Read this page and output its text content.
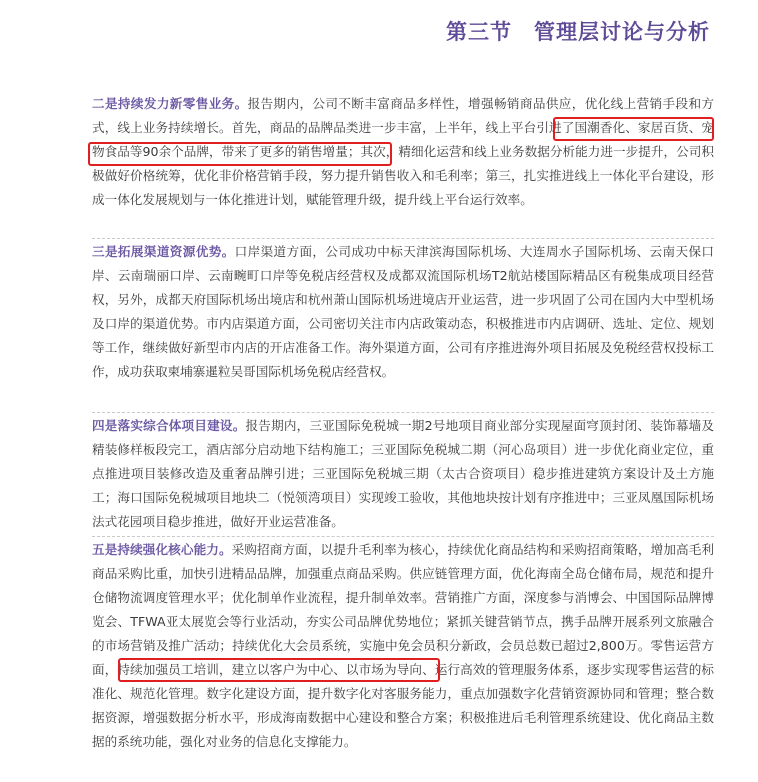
第三节　管理层讨论与分析
二是持续发力新零售业务。报告期内，公司不断丰富商品多样性，增强畅销商品供应，优化线上营销手段和方式，线上业务持续增长。首先，商品的品牌品类进一步丰富，上半年，线上平台引进了国潮香化、家居百货、宠物食品等90余个品牌，带来了更多的销售增量；其次，精细化运营和线上业务数据分析能力进一步提升，公司积极做好价格统筹，优化非价格营销手段，努力提升销售收入和毛利率；第三，扎实推进线上一体化平台建设，形成一体化发展规划与一体化推进计划，赋能管理升级，提升线上平台运行效率。
三是拓展渠道资源优势。口岸渠道方面，公司成功中标天津滨海国际机场、大连周水子国际机场、云南天保口岸、云南瑞丽口岸、云南畹町口岸等免税店经营权及成都双流国际机场T2航站楼国际精品区有税集成项目经营权，另外，成都天府国际机场出境店和杭州萧山国际机场进境店开业运营，进一步巩固了公司在国内大中型机场及口岸的渠道优势。市内店渠道方面，公司密切关注市内店政策动态，积极推进市内店调研、选址、定位、规划等工作，继续做好新型市内店的开店准备工作。海外渠道方面，公司有序推进海外项目拓展及免税经营权投标工作，成功获取柬埔寨暹粒吴哥国际机场免税店经营权。
四是落实综合体项目建设。报告期内，三亚国际免税城一期2号地项目商业部分实现屋面穹顶封闭、装饰幕墙及精装修样板段完工，酒店部分启动地下结构施工；三亚国际免税城二期（河心岛项目）进一步优化商业定位，重点推进项目装修改造及重奢品牌引进；三亚国际免税城三期（太古合资项目）稳步推进建筑方案设计及土方施工；海口国际免税城项目地块二（悦领湾项目）实现竣工验收，其他地块按计划有序推进中；三亚凤凰国际机场法式花园项目稳步推进，做好开业运营准备。
五是持续强化核心能力。采购招商方面，以提升毛利率为核心，持续优化商品结构和采购招商策略，增加高毛利商品采购比重，加快引进精品品牌，加强重点商品采购。供应链管理方面，优化海南全岛仓储布局，规范和提升仓储物流调度管理水平；优化制单作业流程，提升制单效率。营销推广方面，深度参与消博会、中国国际品牌博览会、TFWA亚太展览会等行业活动，夯实公司品牌优势地位；紧抓关键营销节点，携手品牌开展系列文旅融合的市场营销及推广活动；持续优化大会员系统，实施中免会员积分新政，会员总数已超过2,800万。零售运营方面，持续加强员工培训，建立以客户为中心、以市场为导向、运行高效的管理服务体系，逐步实现零售运营的标准化、规范化管理。数字化建设方面，提升数字化对客服务能力，重点加强数字化营销资源协同和管理；整合数据资源，增强数据分析水平，形成海南数据中心建设和整合方案；积极推进后毛利管理系统建设、优化商品主数据的系统功能，强化对业务的信息化支撑能力。
